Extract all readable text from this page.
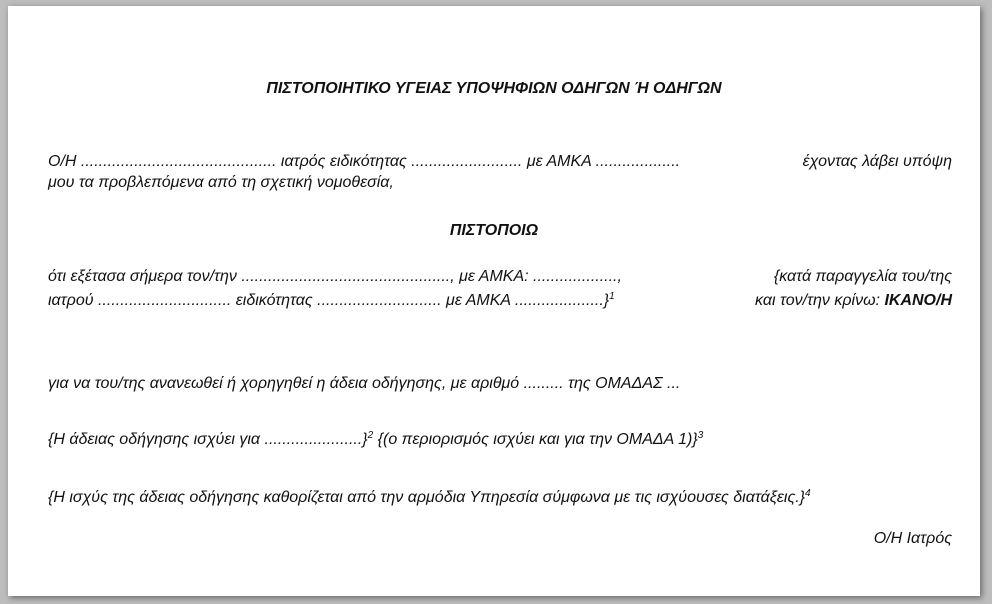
ΠΙΣΤΟΠΟΙΗΤΙΚΟ ΥΓΕΙΑΣ ΥΠΟΨΗΦΙΩΝ ΟΔΗΓΩΝ Ή ΟΔΗΓΩΝ
Ο/Η ............................................ ιατρός ειδικότητας ......................... με ΑΜΚΑ ...................	έχοντας λάβει υπόψη
μου τα προβλεπόμενα από τη σχετική νομοθεσία,
ΠΙΣΤΟΠΟΙΩ
ότι εξέτασα σήμερα τον/την ..............................................., με ΑΜΚΑ: ...................,	{κατά παραγγελία του/της
ιατρού .............................. ειδικότητας ............................ με ΑΜΚΑ ....................}$^1$	και τον/την κρίνω: ΙΚΑΝΟ/Η
για να του/της ανανεωθεί ή χορηγηθεί η άδεια οδήγησης, με αριθμό ......... της ΟΜΑΔΑΣ ...
{Η άδειας οδήγησης ισχύει για ......................}$^2$ {(ο περιορισμός ισχύει και για την ΟΜΑΔΑ 1)}$^3$
{Η ισχύς της άδειας οδήγησης καθορίζεται από την αρμόδια Υπηρεσία σύμφωνα με τις ισχύουσες διατάξεις.}$^4$
Ο/Η Ιατρός
